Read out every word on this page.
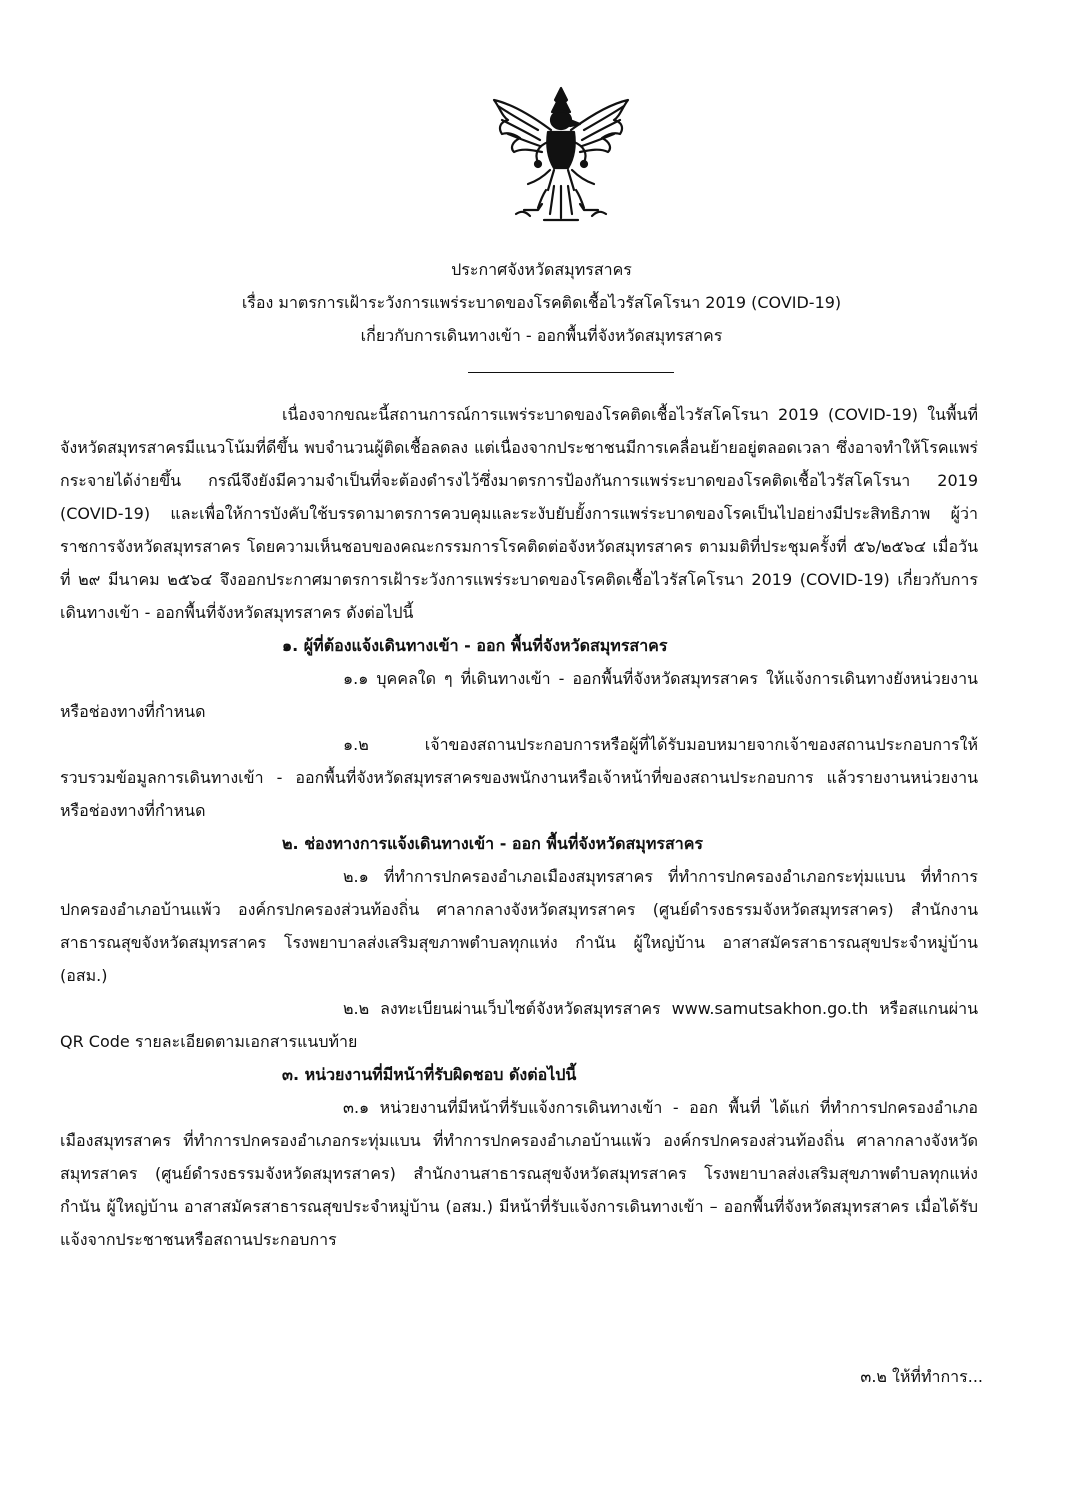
ประกาศจังหวัดสมุทรสาคร
เรื่อง มาตรการเฝ้าระวังการแพร่ระบาดของโรคติดเชื้อไวรัสโคโรนา 2019 (COVID-19)
เกี่ยวกับการเดินทางเข้า - ออกพื้นที่จังหวัดสมุทรสาคร

เนื่องจากขณะนี้สถานการณ์การแพร่ระบาดของโรคติดเชื้อไวรัสโคโรนา 2019 (COVID-19) ในพื้นที่จังหวัดสมุทรสาครมีแนวโน้มที่ดีขึ้น พบจำนวนผู้ติดเชื้อลดลง แต่เนื่องจากประชาชนมีการเคลื่อนย้ายอยู่ตลอดเวลา ซึ่งอาจทำให้โรคแพร่กระจายได้ง่ายขึ้น กรณีจึงยังมีความจำเป็นที่จะต้องดำรงไว้ซึ่งมาตรการป้องกันการแพร่ระบาดของโรคติดเชื้อไวรัสโคโรนา 2019 (COVID-19) และเพื่อให้การบังคับใช้บรรดามาตรการควบคุมและระงับยับยั้งการแพร่ระบาดของโรคเป็นไปอย่างมีประสิทธิภาพ ผู้ว่าราชการจังหวัดสมุทรสาคร โดยความเห็นชอบของคณะกรรมการโรคติดต่อจังหวัดสมุทรสาคร ตามมติที่ประชุมครั้งที่ ๕๖/๒๕๖๔ เมื่อวันที่ ๒๙ มีนาคม ๒๕๖๔ จึงออกประกาศมาตรการเฝ้าระวังการแพร่ระบาดของโรคติดเชื้อไวรัสโคโรนา 2019 (COVID-19) เกี่ยวกับการเดินทางเข้า - ออกพื้นที่จังหวัดสมุทรสาคร ดังต่อไปนี้

๑. ผู้ที่ต้องแจ้งเดินทางเข้า - ออก พื้นที่จังหวัดสมุทรสาคร

๑.๑ บุคคลใด ๆ ที่เดินทางเข้า - ออกพื้นที่จังหวัดสมุทรสาคร ให้แจ้งการเดินทางยังหน่วยงานหรือช่องทางที่กำหนด

๑.๒ เจ้าของสถานประกอบการหรือผู้ที่ได้รับมอบหมายจากเจ้าของสถานประกอบการให้รวบรวมข้อมูลการเดินทางเข้า - ออกพื้นที่จังหวัดสมุทรสาครของพนักงานหรือเจ้าหน้าที่ของสถานประกอบการ แล้วรายงานหน่วยงานหรือช่องทางที่กำหนด

๒. ช่องทางการแจ้งเดินทางเข้า - ออก พื้นที่จังหวัดสมุทรสาคร

๒.๑ ที่ทำการปกครองอำเภอเมืองสมุทรสาคร ที่ทำการปกครองอำเภอกระทุ่มแบน ที่ทำการปกครองอำเภอบ้านแพ้ว องค์กรปกครองส่วนท้องถิ่น ศาลากลางจังหวัดสมุทรสาคร (ศูนย์ดำรงธรรมจังหวัดสมุทรสาคร) สำนักงานสาธารณสุขจังหวัดสมุทรสาคร โรงพยาบาลส่งเสริมสุขภาพตำบลทุกแห่ง กำนัน ผู้ใหญ่บ้าน อาสาสมัครสาธารณสุขประจำหมู่บ้าน (อสม.)

๒.๒ ลงทะเบียนผ่านเว็บไซต์จังหวัดสมุทรสาคร www.samutsakhon.go.th หรือสแกนผ่าน QR Code รายละเอียดตามเอกสารแนบท้าย

๓. หน่วยงานที่มีหน้าที่รับผิดชอบ ดังต่อไปนี้

๓.๑ หน่วยงานที่มีหน้าที่รับแจ้งการเดินทางเข้า - ออก พื้นที่ ได้แก่ ที่ทำการปกครองอำเภอเมืองสมุทรสาคร ที่ทำการปกครองอำเภอกระทุ่มแบน ที่ทำการปกครองอำเภอบ้านแพ้ว องค์กรปกครองส่วนท้องถิ่น ศาลากลางจังหวัดสมุทรสาคร (ศูนย์ดำรงธรรมจังหวัดสมุทรสาคร) สำนักงานสาธารณสุขจังหวัดสมุทรสาคร โรงพยาบาลส่งเสริมสุขภาพตำบลทุกแห่ง กำนัน ผู้ใหญ่บ้าน อาสาสมัครสาธารณสุขประจำหมู่บ้าน (อสม.) มีหน้าที่รับแจ้งการเดินทางเข้า – ออกพื้นที่จังหวัดสมุทรสาคร เมื่อได้รับแจ้งจากประชาชนหรือสถานประกอบการ

๓.๒ ให้ที่ทำการ...
